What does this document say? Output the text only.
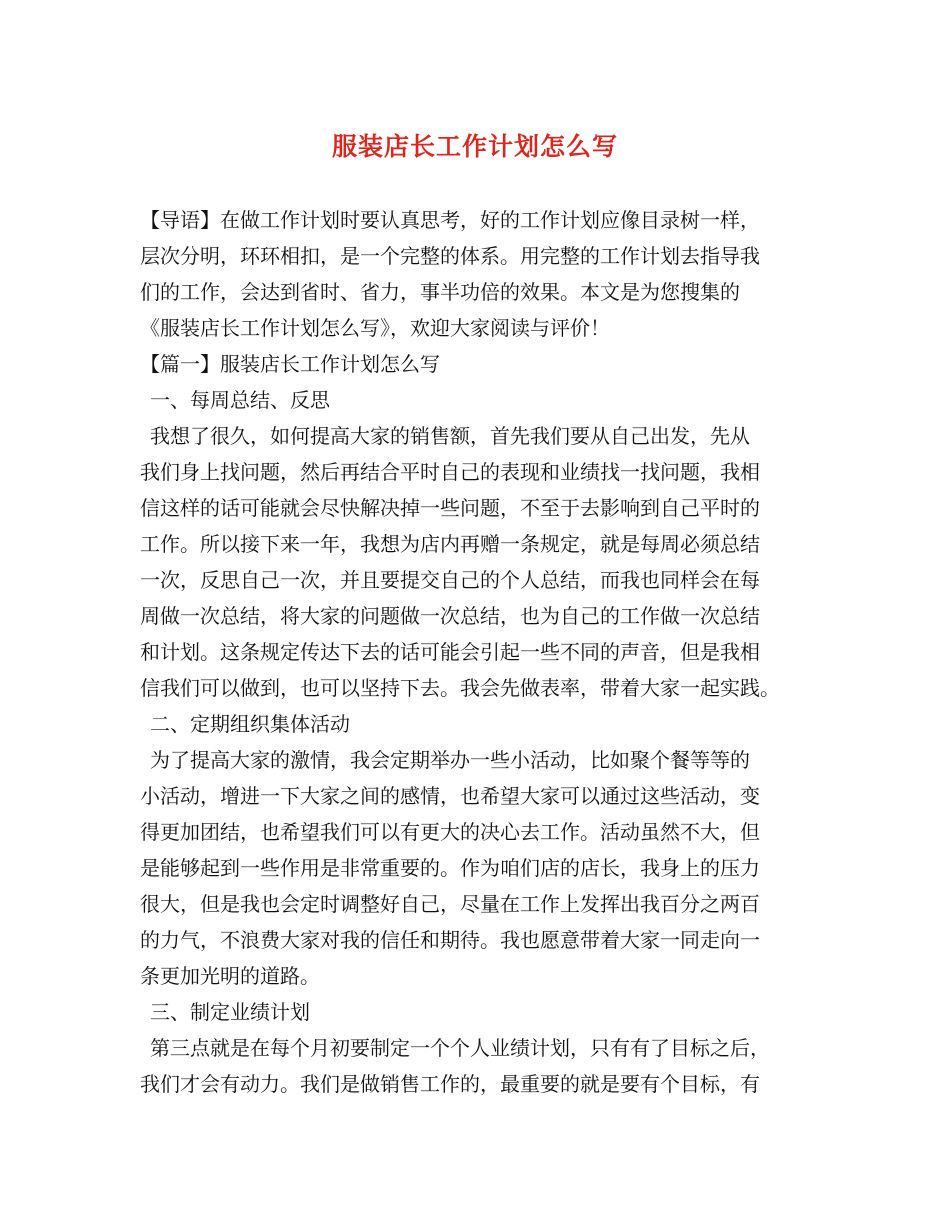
服装店长工作计划怎么写
【导语】在做工作计划时要认真思考，好的工作计划应像目录树一样，
层次分明，环环相扣，是一个完整的体系。用完整的工作计划去指导我
们的工作，会达到省时、省力，事半功倍的效果。本文是为您搜集的
《服装店长工作计划怎么写》，欢迎大家阅读与评价！
【篇一】服装店长工作计划怎么写
一、每周总结、反思
我想了很久，如何提高大家的销售额，首先我们要从自己出发，先从
我们身上找问题，然后再结合平时自己的表现和业绩找一找问题，我相
信这样的话可能就会尽快解决掉一些问题，不至于去影响到自己平时的
工作。所以接下来一年，我想为店内再赠一条规定，就是每周必须总结
一次，反思自己一次，并且要提交自己的个人总结，而我也同样会在每
周做一次总结，将大家的问题做一次总结，也为自己的工作做一次总结
和计划。这条规定传达下去的话可能会引起一些不同的声音，但是我相
信我们可以做到，也可以坚持下去。我会先做表率，带着大家一起实践。
二、定期组织集体活动
为了提高大家的激情，我会定期举办一些小活动，比如聚个餐等等的
小活动，增进一下大家之间的感情，也希望大家可以通过这些活动，变
得更加团结，也希望我们可以有更大的决心去工作。活动虽然不大，但
是能够起到一些作用是非常重要的。作为咱们店的店长，我身上的压力
很大，但是我也会定时调整好自己，尽量在工作上发挥出我百分之两百
的力气，不浪费大家对我的信任和期待。我也愿意带着大家一同走向一
条更加光明的道路。
三、制定业绩计划
第三点就是在每个月初要制定一个个人业绩计划，只有有了目标之后，
我们才会有动力。我们是做销售工作的，最重要的就是要有个目标，有
